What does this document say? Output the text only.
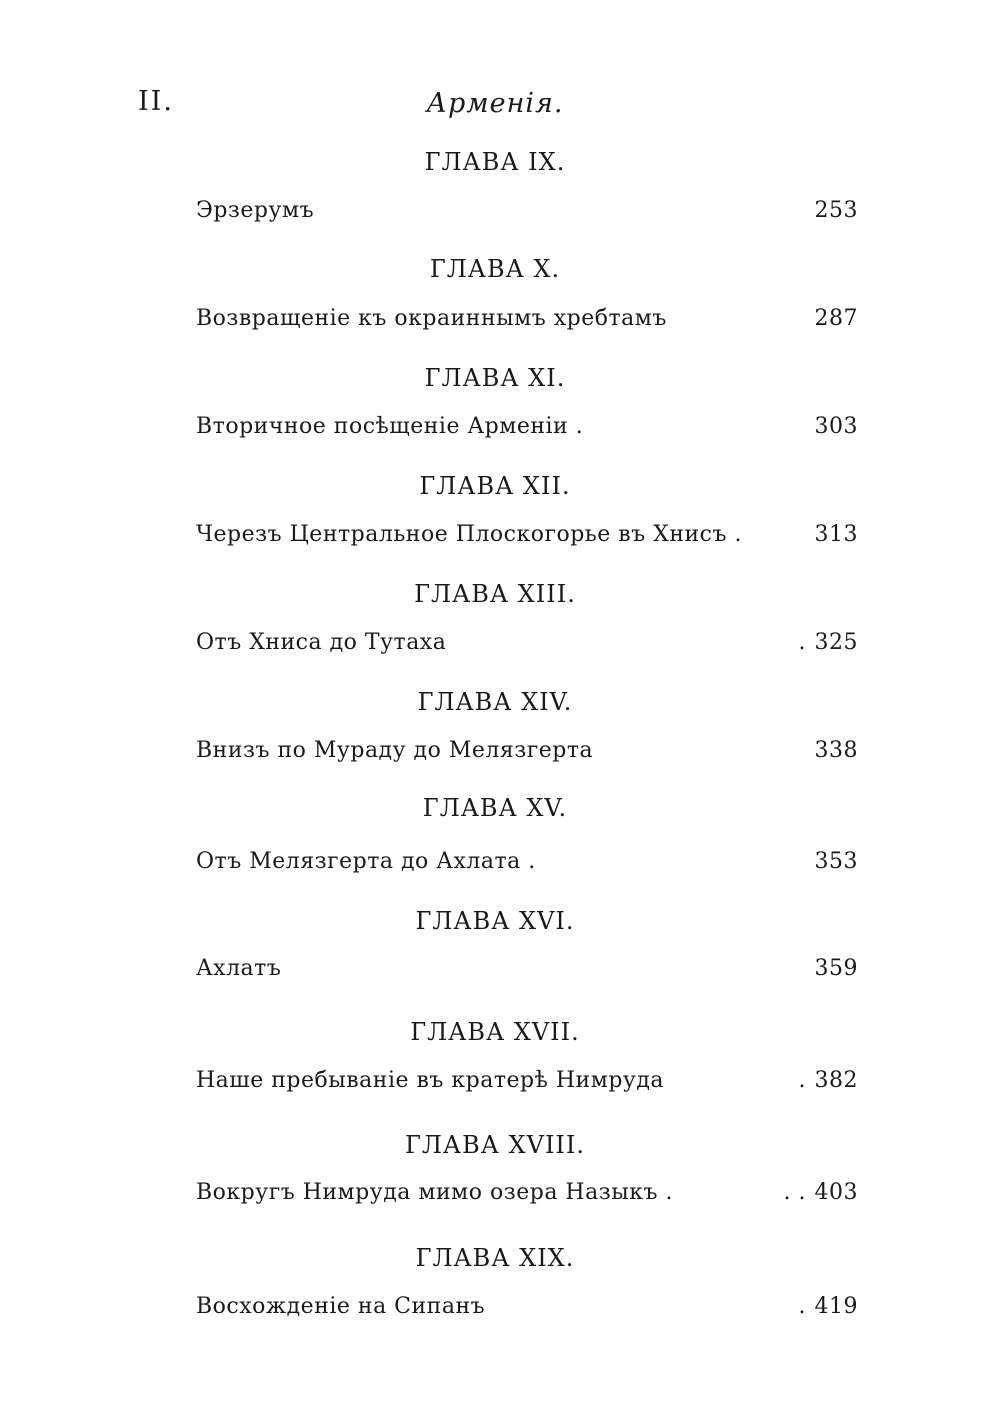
II.	Арменія.
ГЛАВА IX.
Эрзерумъ	253
ГЛАВА X.
Возвращеніе къ окраиннымъ хребтамъ	287
ГЛАВА XI.
Вторичное посѣщеніе Арменіи .	303
ГЛАВА XII.
Черезъ Центральное Плоскогорье въ Хнисъ .	313
ГЛАВА XIII.
Отъ Хниса до Тутаха	. 325
ГЛАВА XIV.
Внизъ по Мураду до Мелязгерта	338
ГЛАВА XV.
Отъ Мелязгерта до Ахлата .	353
ГЛАВА XVI.
Ахлатъ	359
ГЛАВА XVII.
Наше пребываніе въ кратерѣ Нимруда	. 382
ГЛАВА XVIII.
Вокругъ Нимруда мимо озера Назыкъ .	. . 403
ГЛАВА XIX.
Восхожденіе на Сипанъ	. 419
